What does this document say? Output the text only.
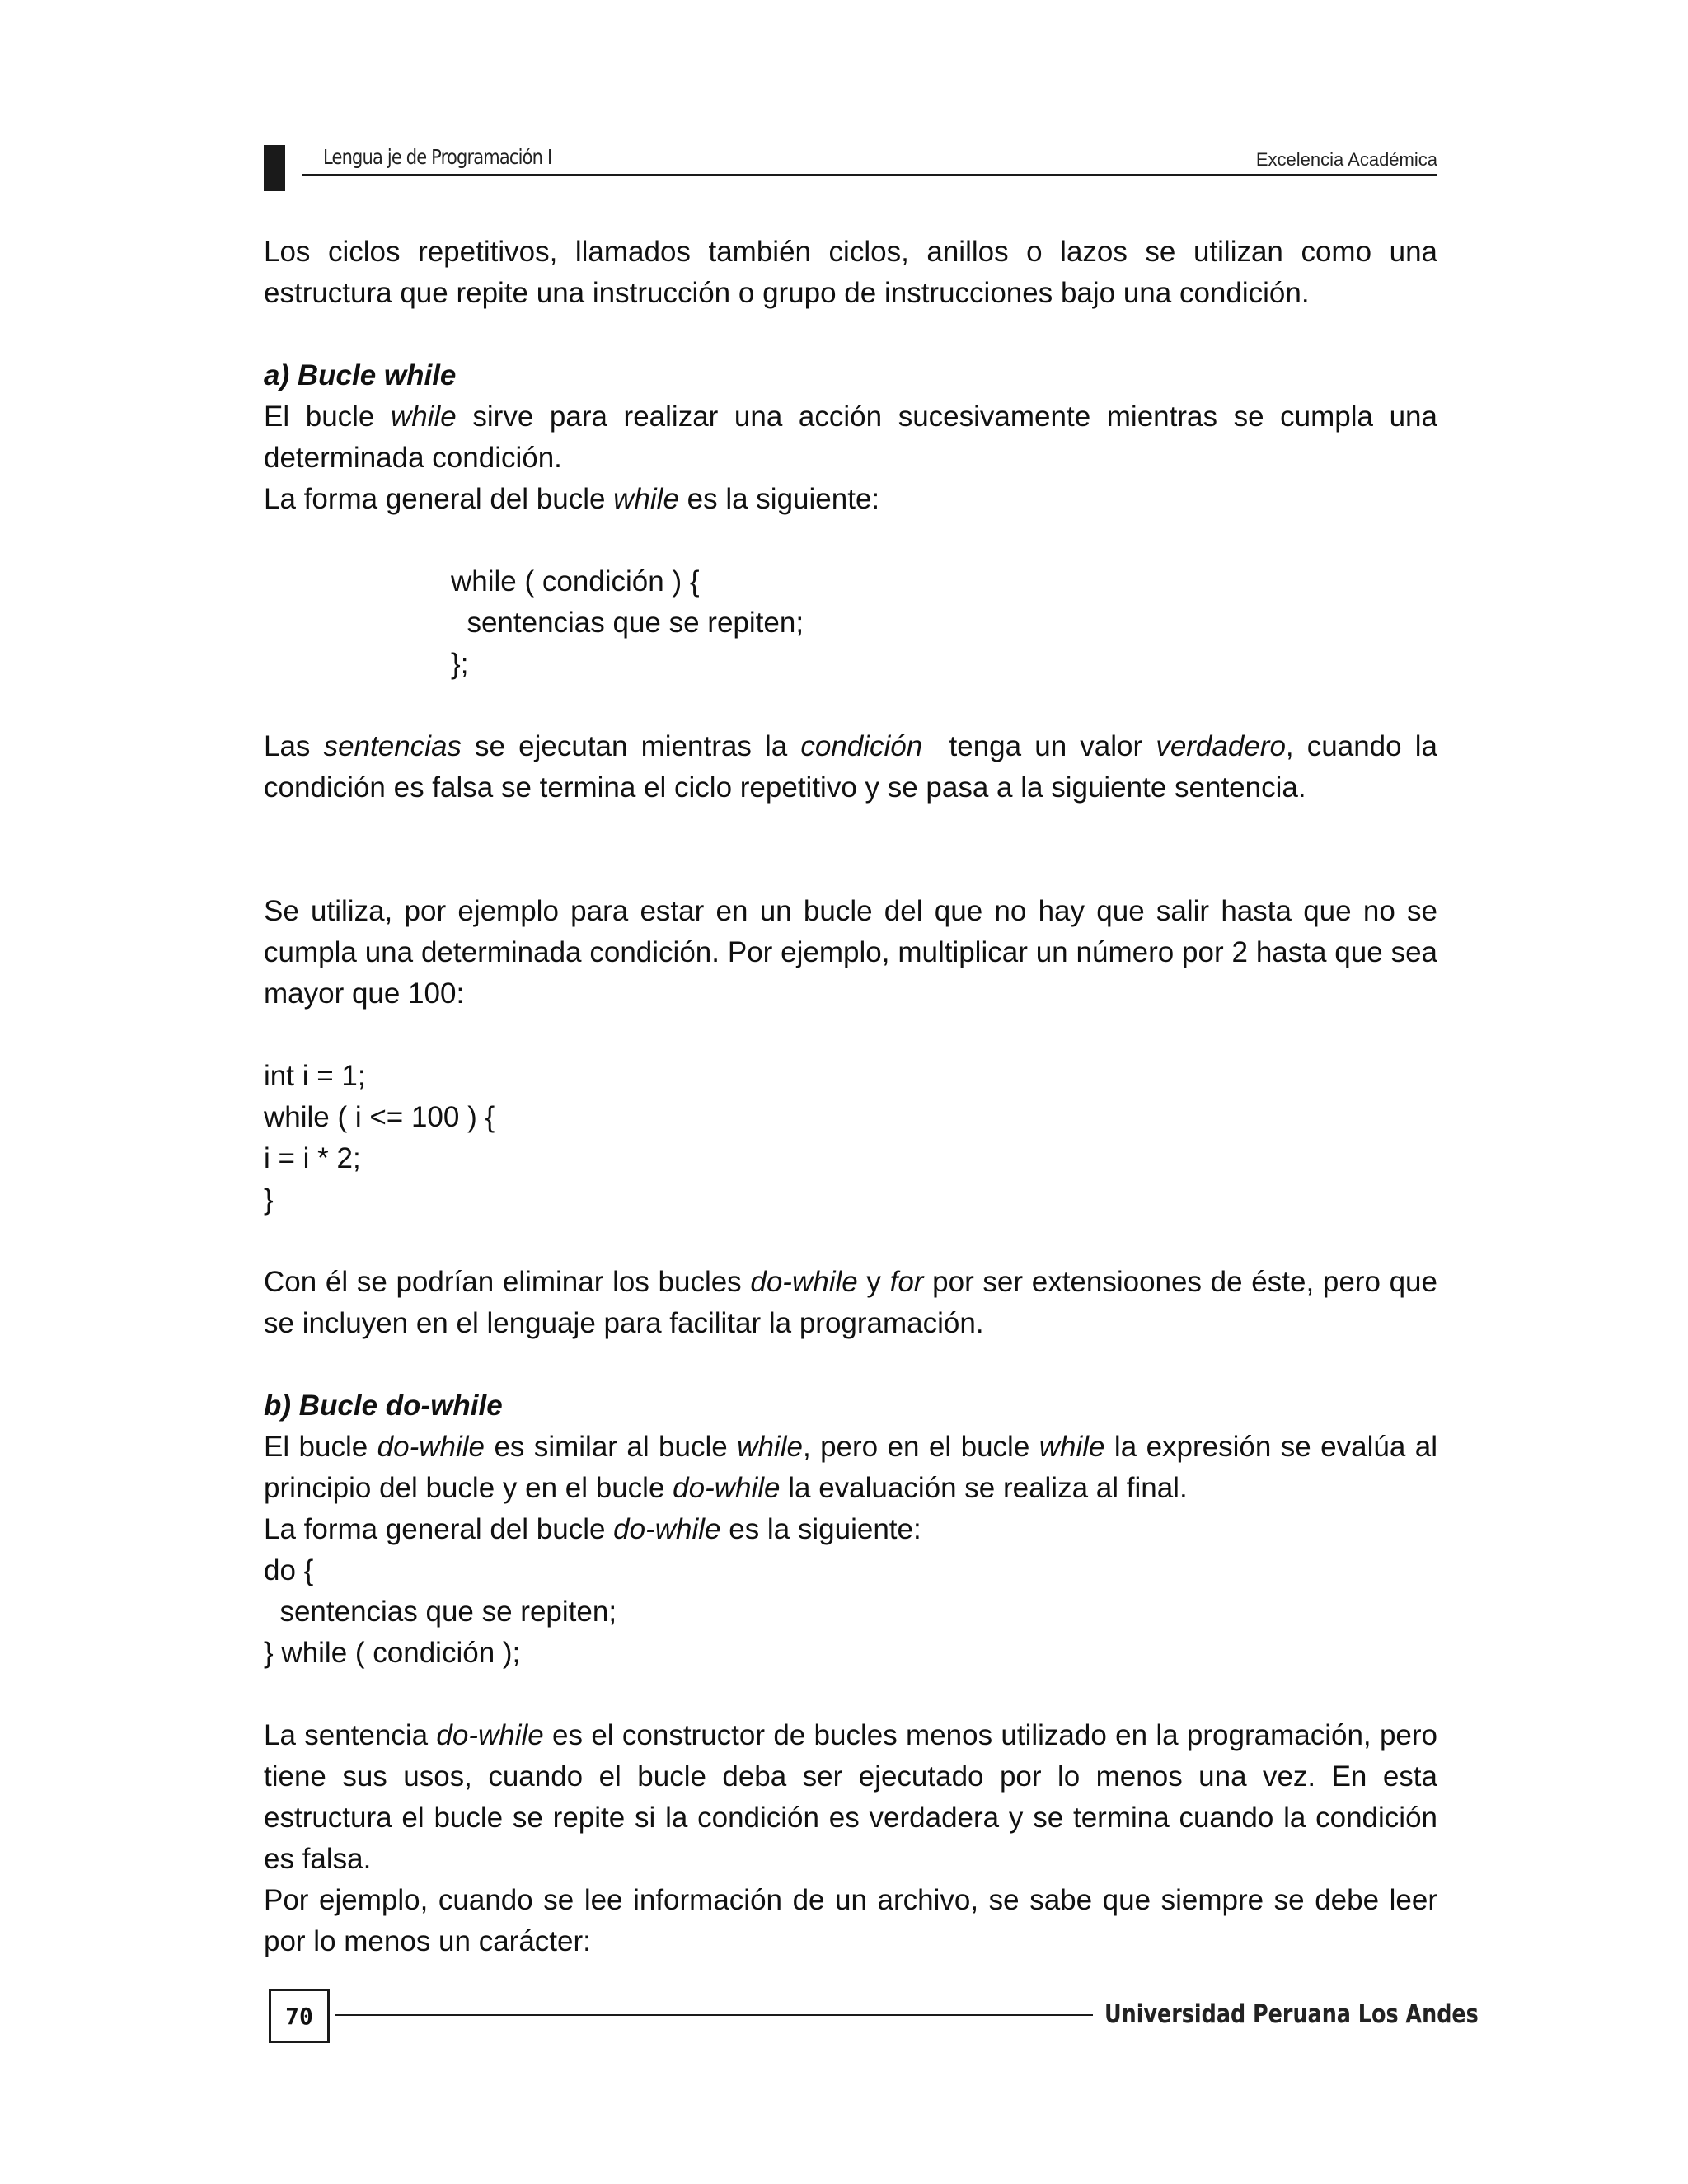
Lengua je de Programación I	Excelencia Académica

Los ciclos repetitivos, llamados también ciclos, anillos o lazos se utilizan como una estructura que repite una instrucción o grupo de instrucciones bajo una condición.

a) Bucle while

El bucle while sirve para realizar una acción sucesivamente mientras se cumpla una determinada condición.

La forma general del bucle while es la siguiente:

while ( condición ) {

sentencias que se repiten;

};

Las sentencias se ejecutan mientras la condición  tenga un valor verdadero, cuando la condición es falsa se termina el ciclo repetitivo y se pasa a la siguiente sentencia.

Se utiliza, por ejemplo para estar en un bucle del que no hay que salir hasta que no se cumpla una determinada condición. Por ejemplo, multiplicar un número por 2 hasta que sea mayor que 100:

int i = 1;

while ( i <= 100 ) {

i = i * 2;

}

Con él se podrían eliminar los bucles do-while y for por ser extensioones de éste, pero que se incluyen en el lenguaje para facilitar la programación.

b) Bucle do-while

El bucle do-while es similar al bucle while, pero en el bucle while la expresión se evalúa al principio del bucle y en el bucle do-while la evaluación se realiza al final.

La forma general del bucle do-while es la siguiente:

do {

sentencias que se repiten;

} while ( condición );

La sentencia do-while es el constructor de bucles menos utilizado en la programación, pero tiene sus usos, cuando el bucle deba ser ejecutado por lo menos una vez. En esta estructura el bucle se repite si la condición es verdadera y se termina cuando la condición es falsa.

Por ejemplo, cuando se lee información de un archivo, se sabe que siempre se debe leer por lo menos un carácter:

70	Universidad Peruana Los Andes
